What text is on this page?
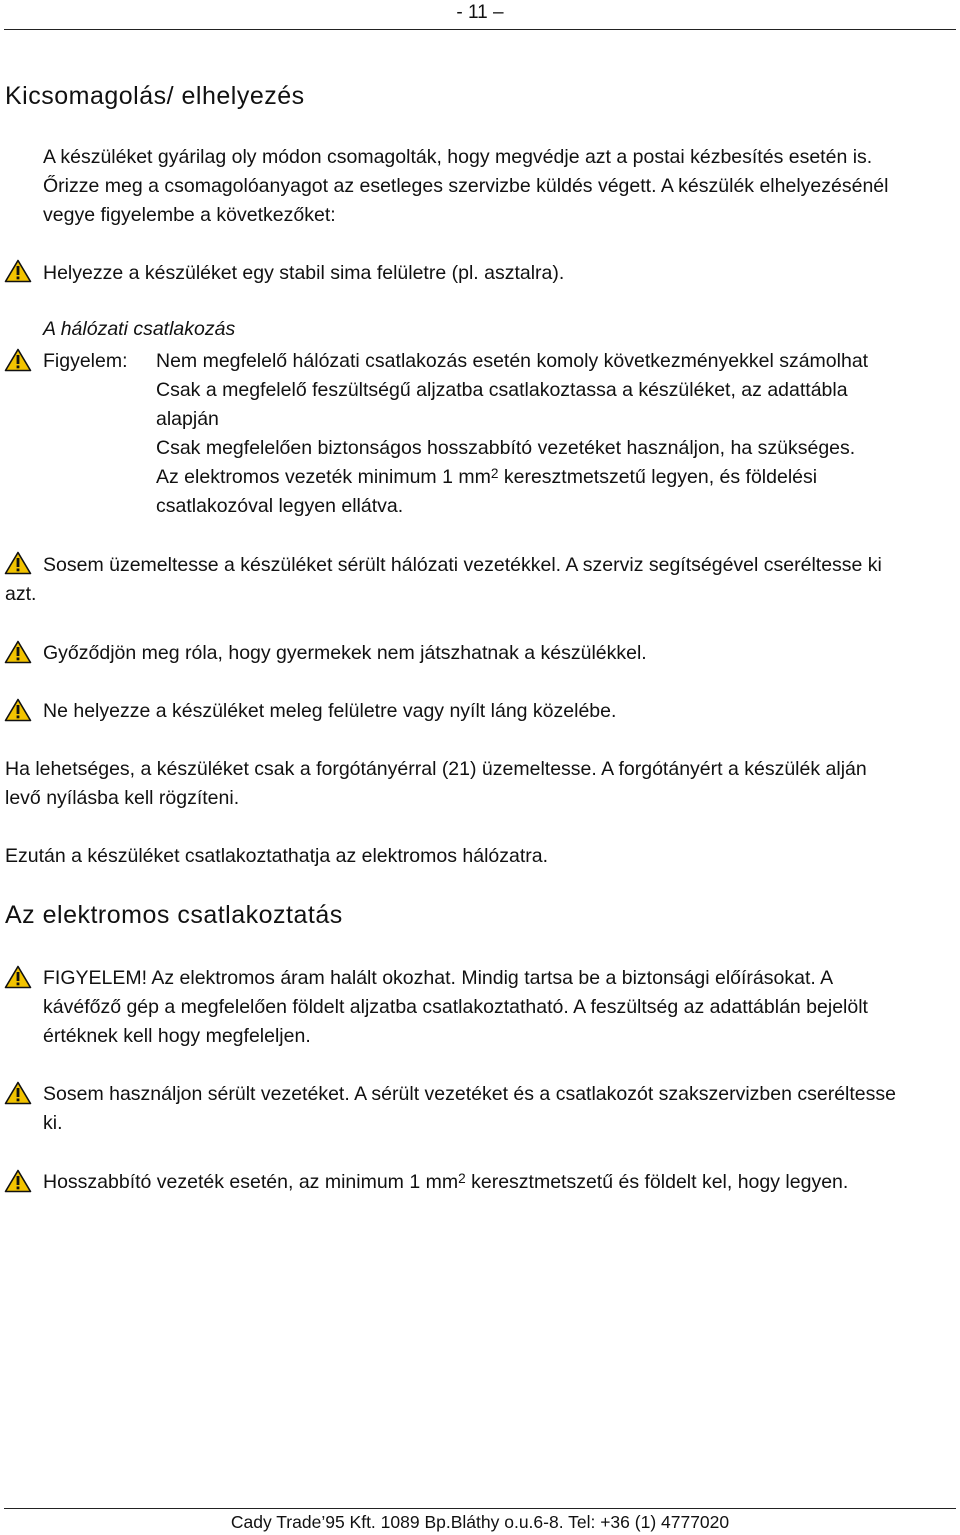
- 11 –
Kicsomagolás/ elhelyezés
A készüléket gyárilag oly módon csomagolták, hogy megvédje azt a postai kézbesítés esetén is.
Őrizze meg a csomagolóanyagot az esetleges szervizbe küldés végett. A készülék elhelyezésénél
vegye figyelembe a következőket:
Helyezze a készüléket egy stabil sima felületre (pl. asztalra).
A hálózati csatlakozás
Figyelem: Nem megfelelő hálózati csatlakozás esetén komoly következményekkel számolhat
Csak a megfelelő feszültségű aljzatba csatlakoztassa a készüléket, az adattábla
alapján
Csak megfelelően biztonságos hosszabbító vezetéket használjon, ha szükséges.
Az elektromos vezeték minimum 1 $mm^2$ keresztmetszetű legyen, és földelési
csatlakozóval legyen ellátva.
Sosem üzemeltesse a készüléket sérült hálózati vezetékkel. A szerviz segítségével cseréltesse ki
azt.
Győződjön meg róla, hogy gyermekek nem játszhatnak a készülékkel.
Ne helyezze a készüléket meleg felületre vagy nyílt láng közelébe.
Ha lehetséges, a készüléket csak a forgótányérral (21) üzemeltesse. A forgótányért a készülék alján
levő nyílásba kell rögzíteni.
Ezután a készüléket csatlakoztathatja az elektromos hálózatra.
Az elektromos csatlakoztatás
FIGYELEM! Az elektromos áram halált okozhat. Mindig tartsa be a biztonsági előírásokat. A
kávéfőző gép a megfelelően földelt aljzatba csatlakoztatható. A feszültség az adattáblán bejelölt
értéknek kell hogy megfeleljen.
Sosem használjon sérült vezetéket. A sérült vezetéket és a csatlakozót szakszervizben cseréltesse
ki.
Hosszabbító vezeték esetén, az minimum 1 $mm^2$ keresztmetszetű és földelt kel, hogy legyen.
Cady Trade’95 Kft. 1089 Bp.Bláthy o.u.6-8. Tel: +36 (1) 4777020
